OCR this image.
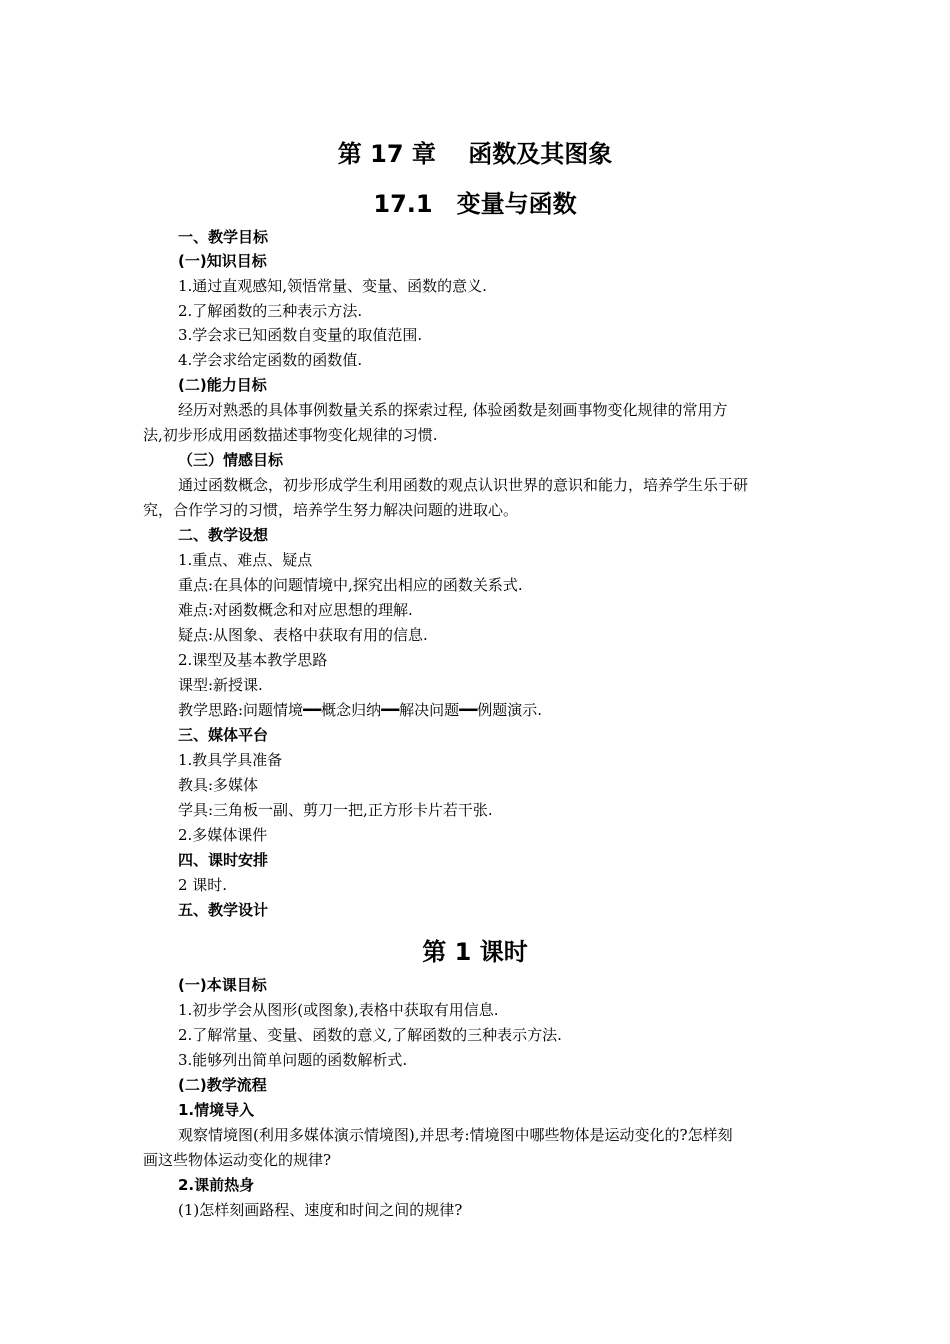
第 17 章　 函数及其图象
17.1　变量与函数
一、教学目标
(一)知识目标
1.通过直观感知,领悟常量、变量、函数的意义.
2.了解函数的三种表示方法.
3.学会求已知函数自变量的取值范围.
4.学会求给定函数的函数值.
(二)能力目标
经历对熟悉的具体事例数量关系的探索过程, 体验函数是刻画事物变化规律的常用方
法,初步形成用函数描述事物变化规律的习惯.
（三）情感目标
通过函数概念，初步形成学生利用函数的观点认识世界的意识和能力，培养学生乐于研
究，合作学习的习惯，培养学生努力解决问题的进取心。
二、教学设想
1.重点、难点、疑点
重点:在具体的问题情境中,探究出相应的函数关系式.
难点:对函数概念和对应思想的理解.
疑点:从图象、表格中获取有用的信息.
2.课型及基本教学思路
课型:新授课.
教学思路:问题情境━━概念归纳━━解决问题━━例题演示.
三、媒体平台
1.教具学具准备
教具:多媒体
学具:三角板一副、剪刀一把,正方形卡片若干张.
2.多媒体课件
四、课时安排
2 课时.
五、教学设计
第 1 课时
(一)本课目标
1.初步学会从图形(或图象),表格中获取有用信息.
2.了解常量、变量、函数的意义,了解函数的三种表示方法.
3.能够列出简单问题的函数解析式.
(二)教学流程
1.情境导入
观察情境图(利用多媒体演示情境图),并思考:情境图中哪些物体是运动变化的?怎样刻
画这些物体运动变化的规律?
2.课前热身
(1)怎样刻画路程、速度和时间之间的规律?
